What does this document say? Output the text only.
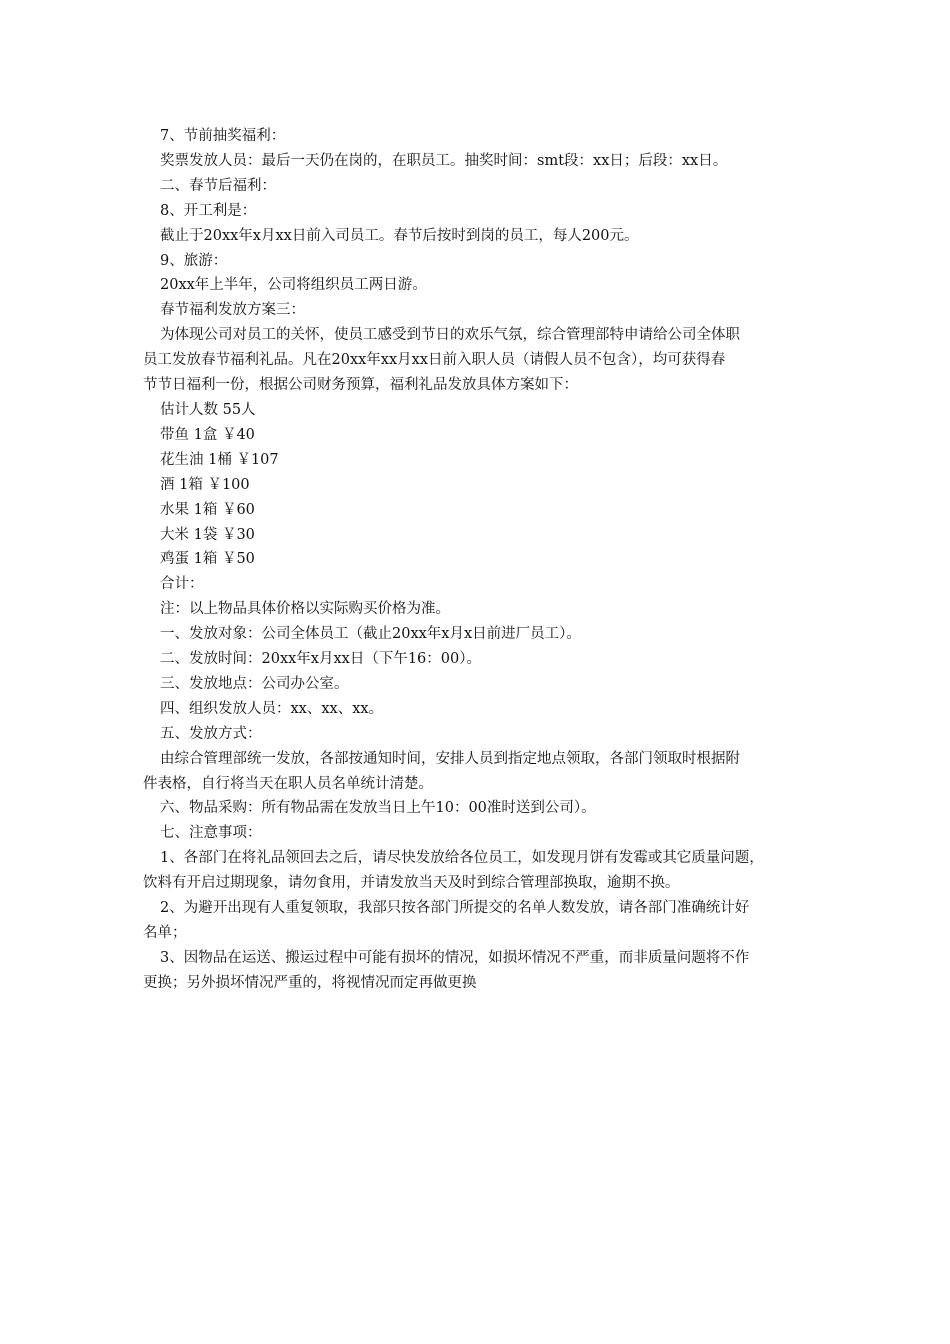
7、节前抽奖福利：

奖票发放人员：最后一天仍在岗的，在职员工。抽奖时间：smt段：xx日；后段：xx日。

二、春节后福利：

8、开工利是：

截止于20xx年x月xx日前入司员工。春节后按时到岗的员工，每人200元。

9、旅游：

20xx年上半年，公司将组织员工两日游。

春节福利发放方案三：

为体现公司对员工的关怀，使员工感受到节日的欢乐气氛，综合管理部特申请给公司全体职
员工发放春节福利礼品。凡在20xx年xx月xx日前入职人员（请假人员不包含），均可获得春
节节日福利一份，根据公司财务预算，福利礼品发放具体方案如下：

估计人数 55人

带鱼 1盒 ￥40

花生油 1桶 ￥107

酒 1箱 ￥100

水果 1箱 ￥60

大米 1袋 ￥30

鸡蛋 1箱 ￥50

合计：

注：以上物品具体价格以实际购买价格为准。

一、发放对象：公司全体员工（截止20xx年x月x日前进厂员工）。

二、发放时间：20xx年x月xx日（下午16：00）。

三、发放地点：公司办公室。

四、组织发放人员：xx、xx、xx。

五、发放方式：

由综合管理部统一发放，各部按通知时间，安排人员到指定地点领取，各部门领取时根据附
件表格，自行将当天在职人员名单统计清楚。

六、物品采购：所有物品需在发放当日上午10：00准时送到公司）。

七、注意事项：

1、各部门在将礼品领回去之后，请尽快发放给各位员工，如发现月饼有发霉或其它质量问题，
饮料有开启过期现象，请勿食用，并请发放当天及时到综合管理部换取，逾期不换。
2、为避开出现有人重复领取，我部只按各部门所提交的名单人数发放，请各部门准确统计好
名单；
3、因物品在运送、搬运过程中可能有损坏的情况，如损坏情况不严重，而非质量问题将不作
更换；另外损坏情况严重的，将视情况而定再做更换
